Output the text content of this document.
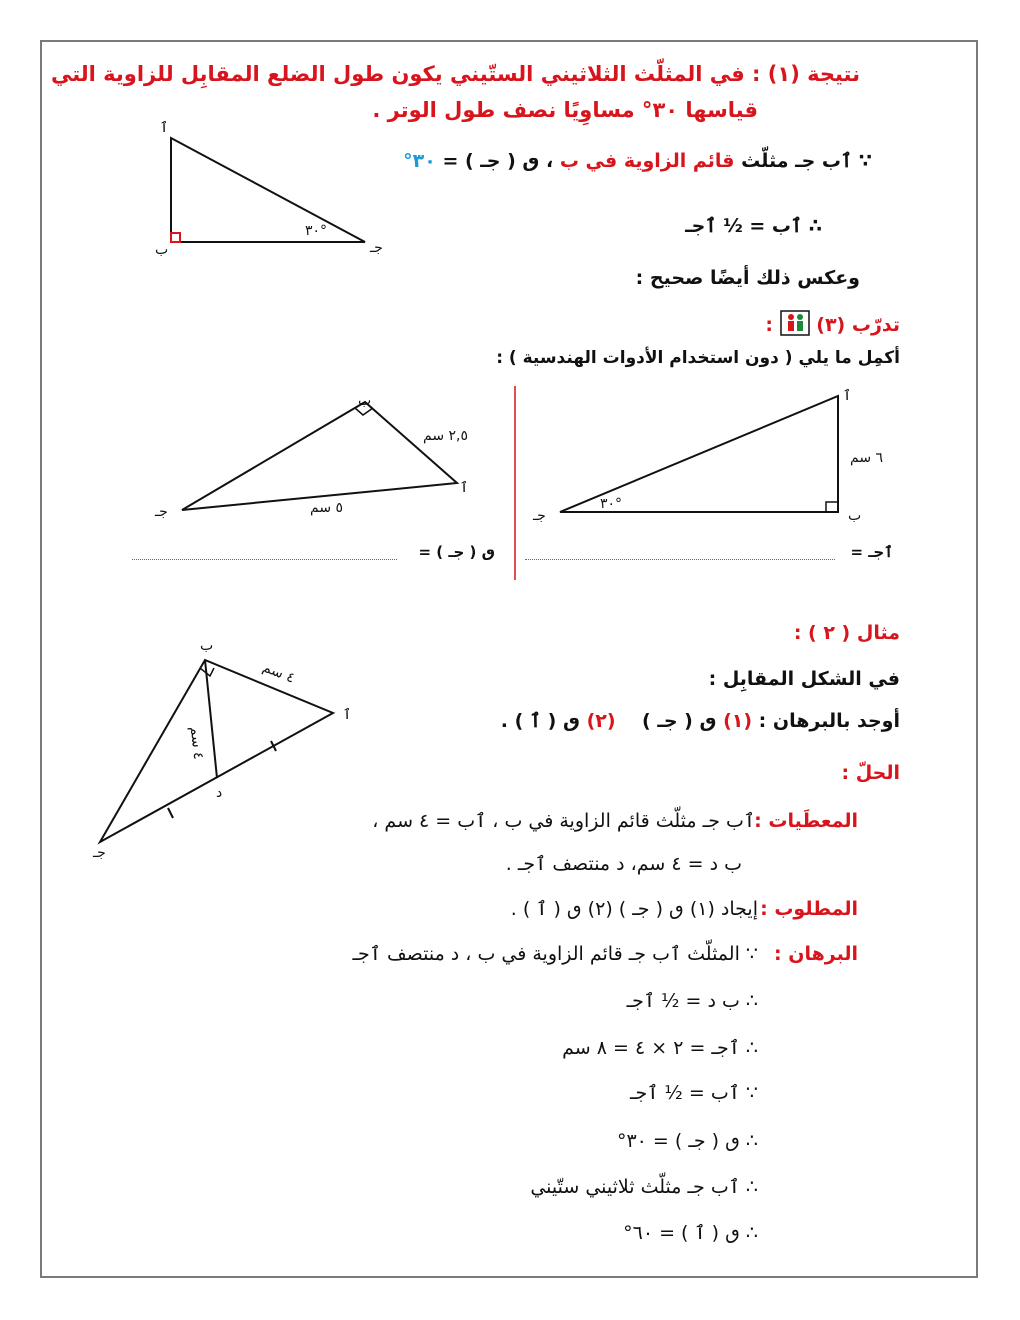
نتيجة (١) : في المثلّث الثلاثيني الستّيني يكون طول الضلع المقابِل للزاوية التي
قياسها ٣٠° مساوِيًا نصف طول الوتر .
∵ ٱب جـ مثلّث قائم الزاوية في ب ، ٯ ( جـ ) = ٣٠°
∴ ٱب = ½ ٱجـ
وعكس ذلك أيضًا صحيح :
ٱ
ب	جـ
٣٠°
تدرّب (٣)  :
أكمِل ما يلي ( دون استخدام الأدوات الهندسية ) :
ٱ
ب
جـ
٦ سم
٣٠°
ب
ٱ
جـ
٢,٥ سم
٥ سم
ٱجـ =
ٯ ( جـ ) =
مثال ( ٢ ) :
في الشكل المقابِل :
أوجد بالبرهان : (١) ٯ ( جـ )    (٢) ٯ ( ٱ ) .
ب
ٱ
جـ
د
٤ سم
٤ سم
الحلّ :
المعطَيات :
ٱب جـ مثلّث قائم الزاوية في ب ، ٱب = ٤ سم ،
ب د = ٤ سم، د منتصف ٱجـ .
المطلوب :
إيجاد (١) ٯ ( جـ ) (٢) ٯ ( ٱ ) .
البرهان :
∵ المثلّث ٱب جـ قائم الزاوية في ب ، د منتصف ٱجـ
∴ ب د = ½ ٱجـ
∴ ٱجـ = ٢ × ٤ = ٨ سم
∵ ٱب = ½ ٱجـ
∴ ٯ ( جـ ) = ٣٠°
∴ ٱب جـ مثلّث ثلاثيني ستّيني
∴ ٯ ( ٱ ) = ٦٠°
